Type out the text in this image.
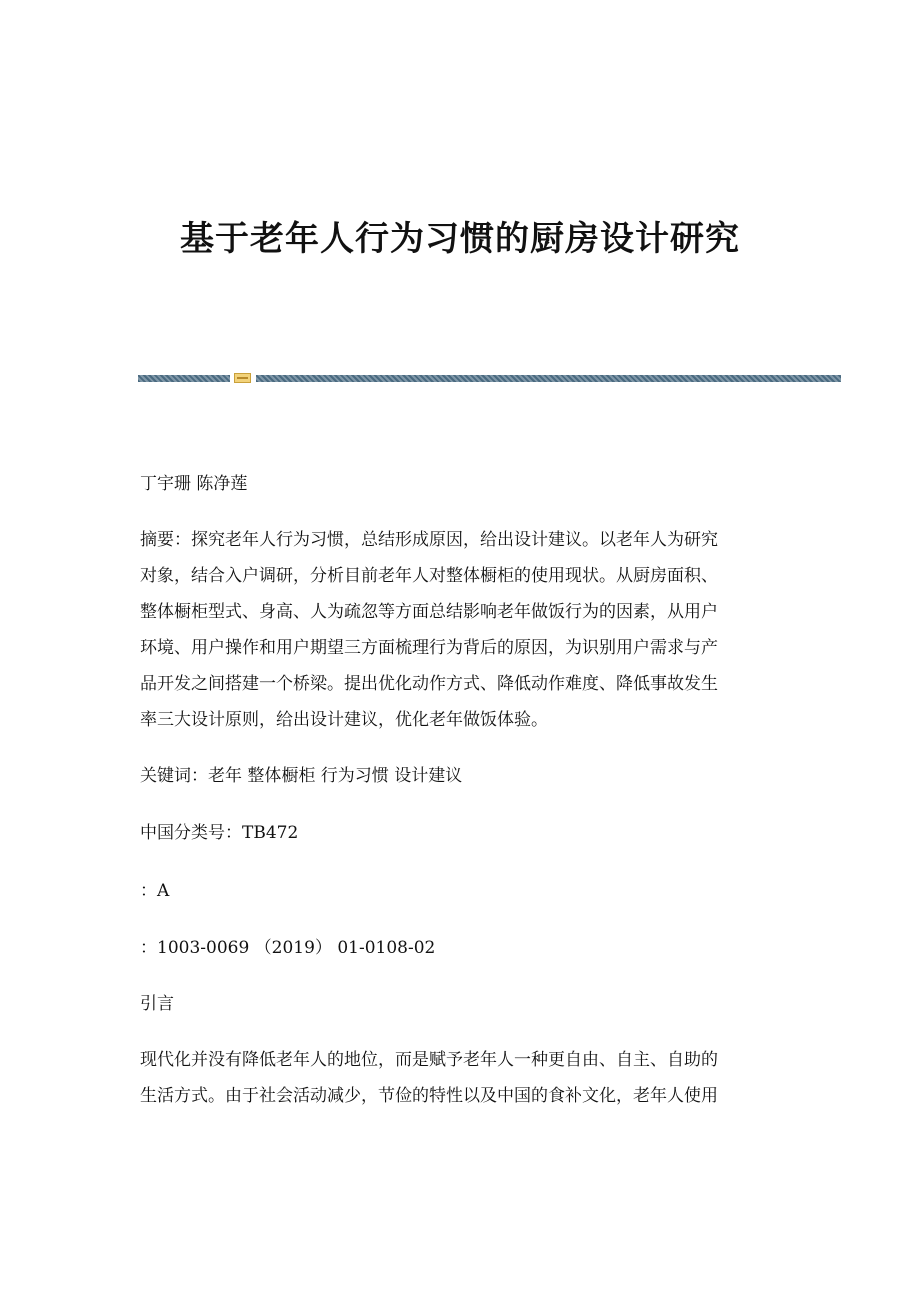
基于老年人行为习惯的厨房设计研究

丁宇珊 陈净莲

摘要：探究老年人行为习惯，总结形成原因，给出设计建议。以老年人为研究

对象，结合入户调研，分析目前老年人对整体橱柜的使用现状。从厨房面积、

整体橱柜型式、身高、人为疏忽等方面总结影响老年做饭行为的因素，从用户

环境、用户操作和用户期望三方面梳理行为背后的原因，为识别用户需求与产

品开发之间搭建一个桥梁。提出优化动作方式、降低动作难度、降低事故发生

率三大设计原则，给出设计建议，优化老年做饭体验。

关键词：老年 整体橱柜 行为习惯 设计建议

中国分类号：TB472

：A

：1003-0069 （2019） 01-0108-02

引言

现代化并没有降低老年人的地位，而是赋予老年人一种更自由、自主、自助的

生活方式。由于社会活动减少，节俭的特性以及中国的食补文化，老年人使用
